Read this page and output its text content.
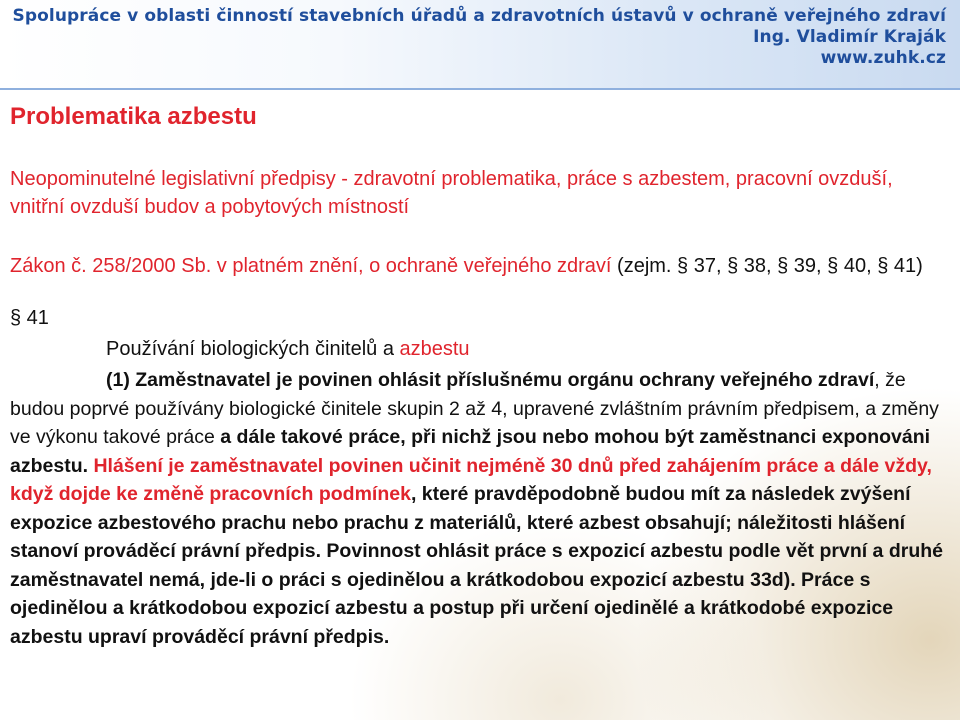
Spolupráce v oblasti činností stavebních úřadů a zdravotních ústavů v ochraně veřejného zdraví
Ing. Vladimír Kraják
www.zuhk.cz
Problematika azbestu
Neopominutelné legislativní předpisy - zdravotní problematika, práce s azbestem, pracovní ovzduší, vnitřní ovzduší budov a pobytových místností
Zákon č. 258/2000 Sb. v platném znění, o ochraně veřejného zdraví (zejm. § 37, § 38, § 39, § 40, § 41)
§ 41
Používání biologických činitelů a azbestu
(1) Zaměstnavatel je povinen ohlásit příslušnému orgánu ochrany veřejného zdraví, že budou poprvé používány biologické činitele skupin 2 až 4, upravené zvláštním právním předpisem, a změny ve výkonu takové práce a dále takové práce, při nichž jsou nebo mohou být zaměstnanci exponováni azbestu. Hlášení je zaměstnavatel povinen učinit nejméně 30 dnů před zahájením práce a dále vždy, když dojde ke změně pracovních podmínek, které pravděpodobně budou mít za následek zvýšení expozice azbestového prachu nebo prachu z materiálů, které azbest obsahují; náležitosti hlášení stanoví prováděcí právní předpis. Povinnost ohlásit práce s expozicí azbestu podle vět první a druhé zaměstnavatel nemá, jde-li o práci s ojedinělou a krátkodobou expozicí azbestu 33d). Práce s ojedinělou a krátkodobou expozicí azbestu a postup při určení ojedinělé a krátkodobé expozice azbestu upraví prováděcí právní předpis.
